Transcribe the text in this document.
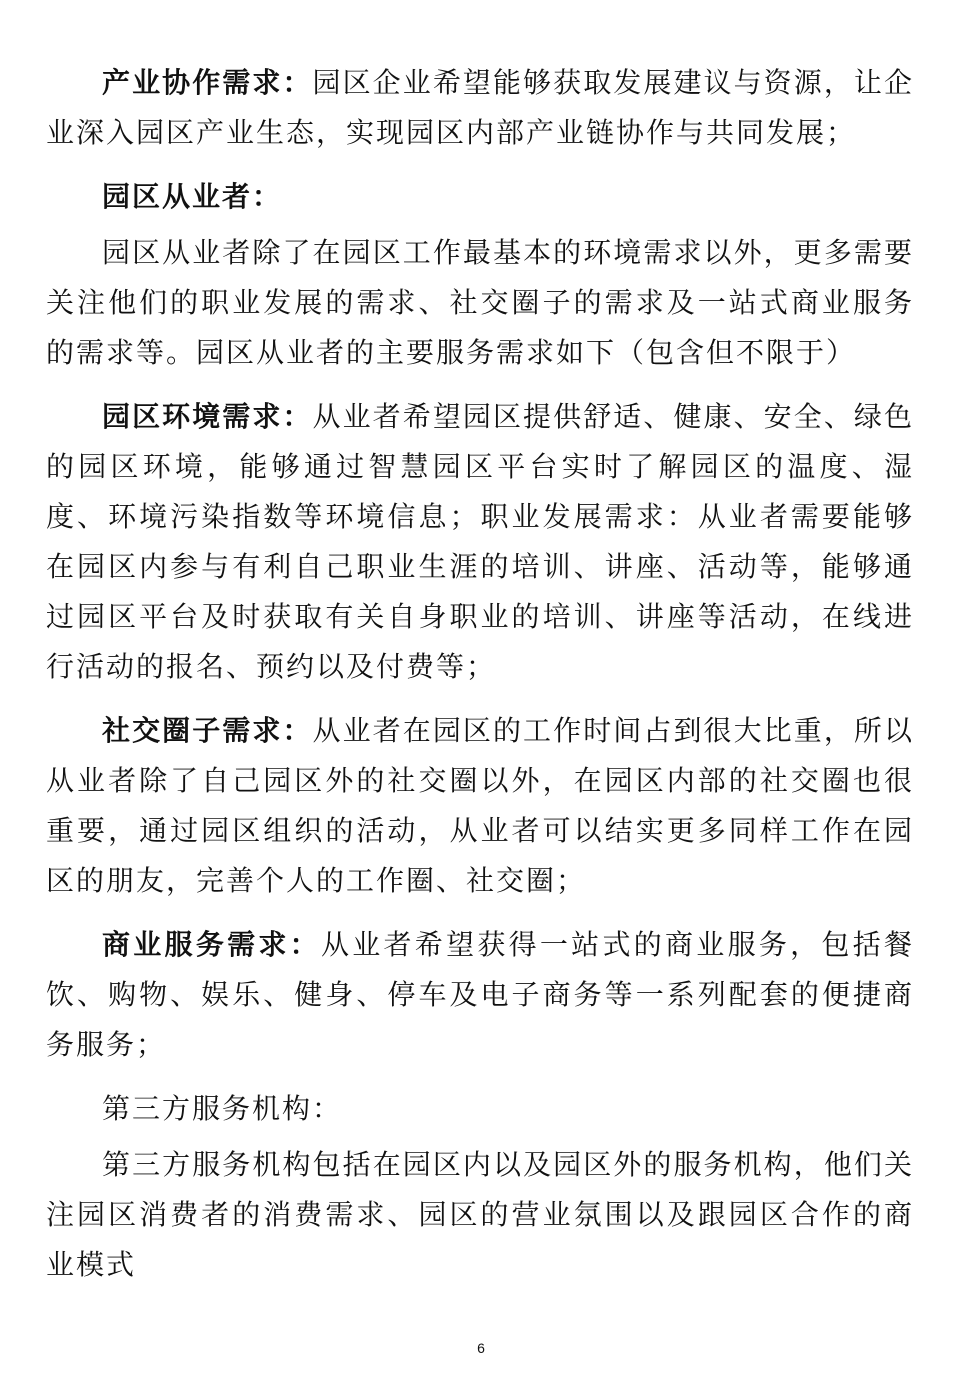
产业协作需求：园区企业希望能够获取发展建议与资源，让企业深入园区产业生态，实现园区内部产业链协作与共同发展；

园区从业者：

园区从业者除了在园区工作最基本的环境需求以外，更多需要关注他们的职业发展的需求、社交圈子的需求及一站式商业服务的需求等。园区从业者的主要服务需求如下（包含但不限于）

园区环境需求：从业者希望园区提供舒适、健康、安全、绿色的园区环境，能够通过智慧园区平台实时了解园区的温度、湿度、环境污染指数等环境信息；职业发展需求：从业者需要能够在园区内参与有利自己职业生涯的培训、讲座、活动等，能够通过园区平台及时获取有关自身职业的培训、讲座等活动，在线进行活动的报名、预约以及付费等；

社交圈子需求：从业者在园区的工作时间占到很大比重，所以从业者除了自己园区外的社交圈以外，在园区内部的社交圈也很重要，通过园区组织的活动，从业者可以结实更多同样工作在园区的朋友，完善个人的工作圈、社交圈；

商业服务需求：从业者希望获得一站式的商业服务，包括餐饮、购物、娱乐、健身、停车及电子商务等一系列配套的便捷商务服务；

第三方服务机构：

第三方服务机构包括在园区内以及园区外的服务机构，他们关注园区消费者的消费需求、园区的营业氛围以及跟园区合作的商业模式

6
